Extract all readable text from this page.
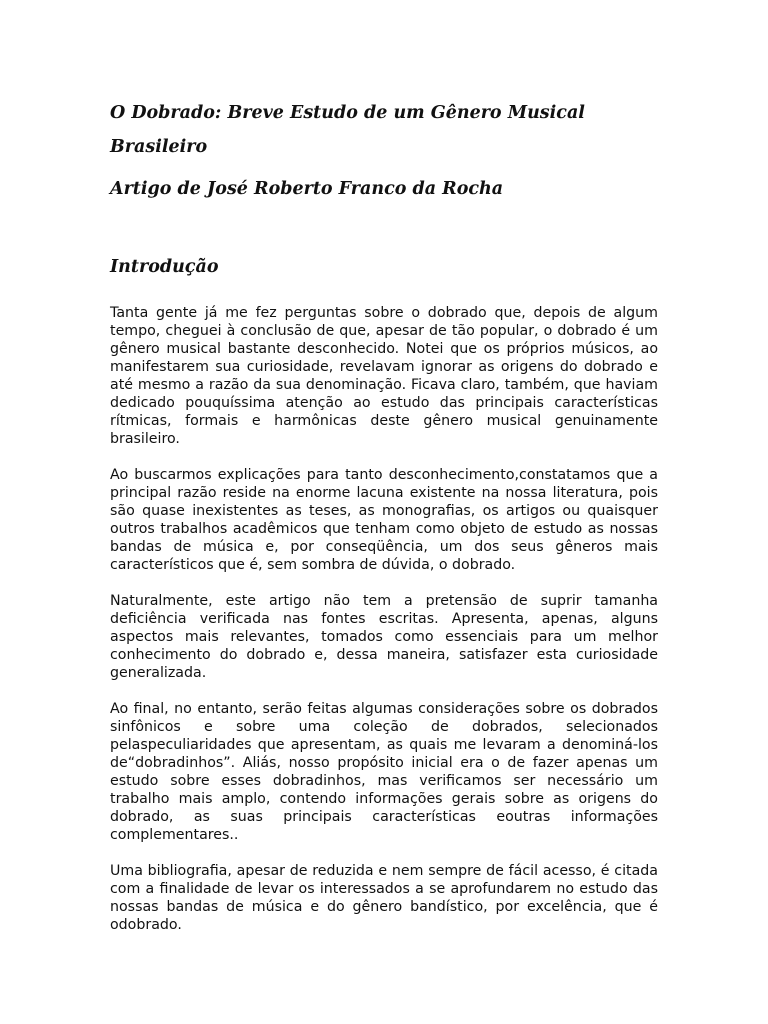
O Dobrado: Breve Estudo de um Gênero Musical Brasileiro
Artigo de José Roberto Franco da Rocha
Introdução

Tanta gente já me fez perguntas sobre o dobrado que, depois de algum tempo, cheguei à conclusão de que, apesar de tão popular, o dobrado é um gênero musical bastante desconhecido. Notei que os próprios músicos, ao manifestarem sua curiosidade, revelavam ignorar as origens do dobrado e até mesmo a razão da sua denominação. Ficava claro, também, que haviam dedicado pouquíssima atenção ao estudo das principais características rítmicas, formais e harmônicas deste gênero musical genuinamente brasileiro.

Ao buscarmos explicações para tanto desconhecimento,constatamos que a principal razão reside na enorme lacuna existente na nossa literatura, pois são quase inexistentes as teses, as monografias, os artigos ou quaisquer outros trabalhos acadêmicos que tenham como objeto de estudo as nossas bandas de música e, por conseqüência, um dos seus gêneros mais característicos que é, sem sombra de dúvida, o dobrado.

Naturalmente, este artigo não tem a pretensão de suprir tamanha deficiência verificada nas fontes escritas. Apresenta, apenas, alguns aspectos mais relevantes, tomados como essenciais para um melhor conhecimento do dobrado e, dessa maneira, satisfazer esta curiosidade generalizada.

Ao final, no entanto, serão feitas algumas considerações sobre os dobrados sinfônicos e sobre uma coleção de dobrados, selecionados pelaspeculiaridades que apresentam, as quais me levaram a denominá-los de“dobradinhos”. Aliás, nosso propósito inicial era o de fazer apenas um estudo sobre esses dobradinhos, mas verificamos ser necessário um trabalho mais amplo, contendo informações gerais sobre as origens do dobrado, as suas principais características eoutras informações complementares..

Uma bibliografia, apesar de reduzida e nem sempre de fácil acesso, é citada com a finalidade de levar os interessados a se aprofundarem no estudo das nossas bandas de música e do gênero bandístico, por excelência, que é odobrado.
